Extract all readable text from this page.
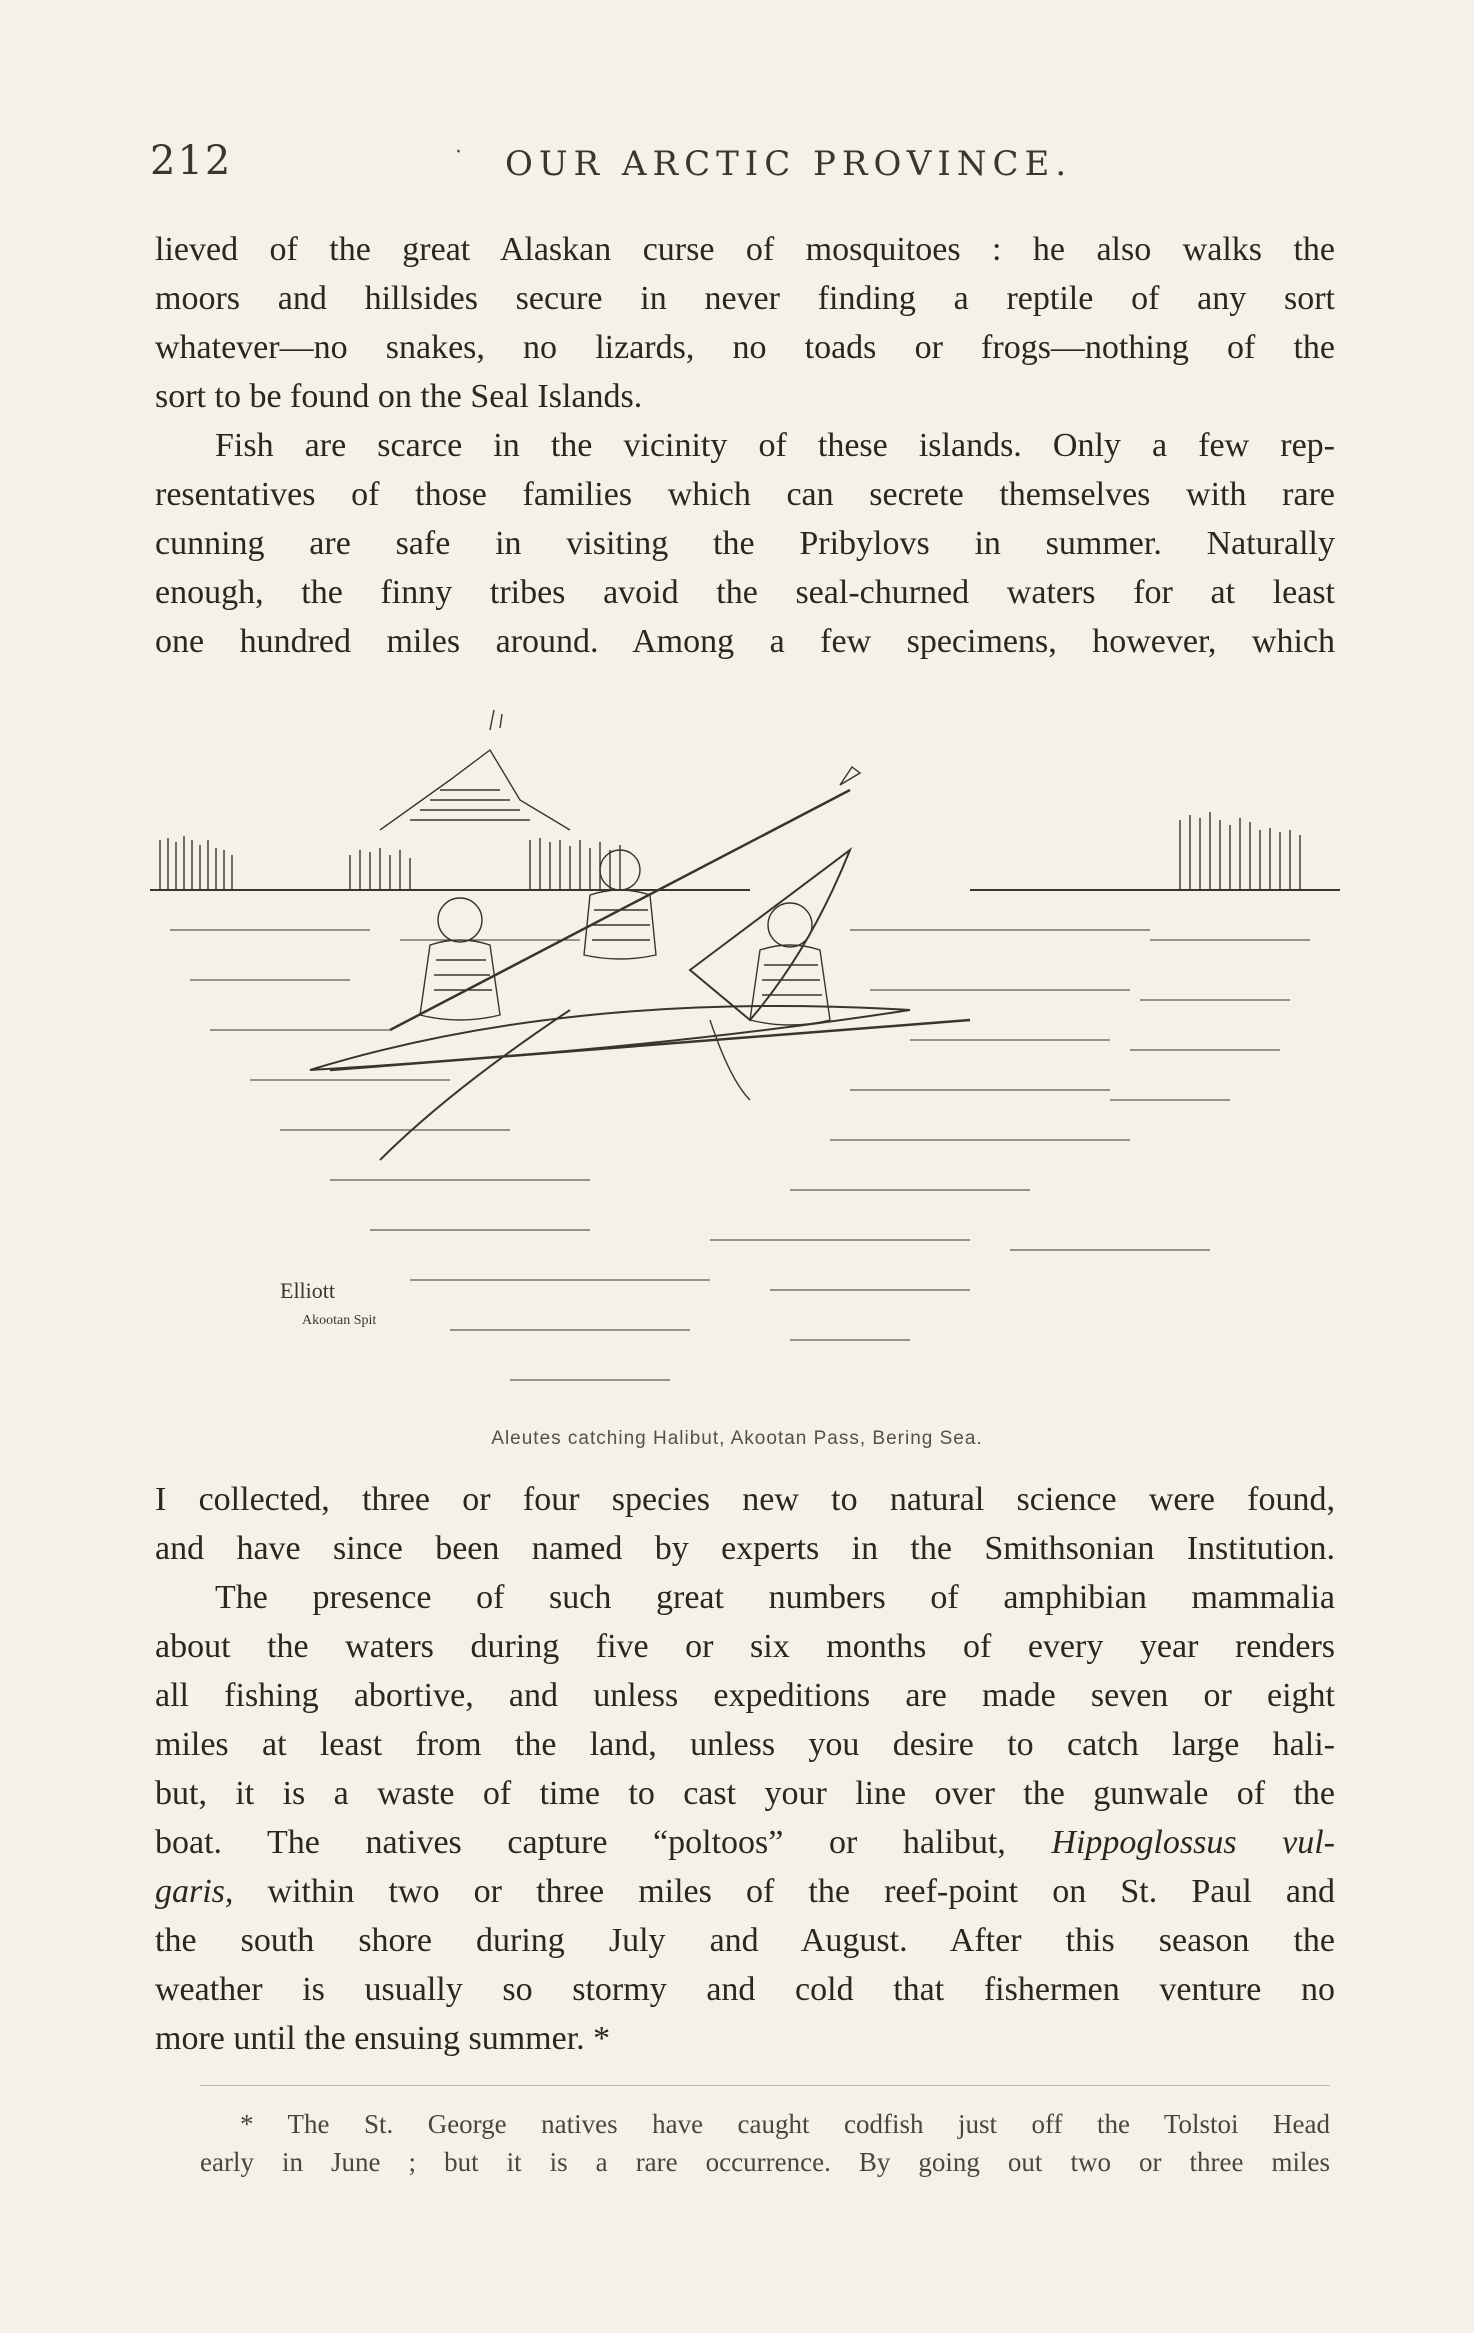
212	· OUR ARCTIC PROVINCE.
lieved of the great Alaskan curse of mosquitoes : he also walks the
moors and hillsides secure in never finding a reptile of any sort
whatever—no snakes, no lizards, no toads or frogs—nothing of the
sort to be found on the Seal Islands.
Fish are scarce in the vicinity of these islands. Only a few rep-
resentatives of those families which can secrete themselves with rare
cunning are safe in visiting the Pribylovs in summer. Naturally
enough, the finny tribes avoid the seal-churned waters for at least
one hundred miles around. Among a few specimens, however, which
Elliott
Akootan Spit
Aleutes catching Halibut, Akootan Pass, Bering Sea.
I collected, three or four species new to natural science were found,
and have since been named by experts in the Smithsonian Institution.
The presence of such great numbers of amphibian mammalia
about the waters during five or six months of every year renders
all fishing abortive, and unless expeditions are made seven or eight
miles at least from the land, unless you desire to catch large hali-
but, it is a waste of time to cast your line over the gunwale of the
boat. The natives capture “poltoos” or halibut, Hippoglossus vul-
garis, within two or three miles of the reef-point on St. Paul and
the south shore during July and August. After this season the
weather is usually so stormy and cold that fishermen venture no
more until the ensuing summer. *
* The St. George natives have caught codfish just off the Tolstoi Head
early in June ; but it is a rare occurrence. By going out two or three miles
